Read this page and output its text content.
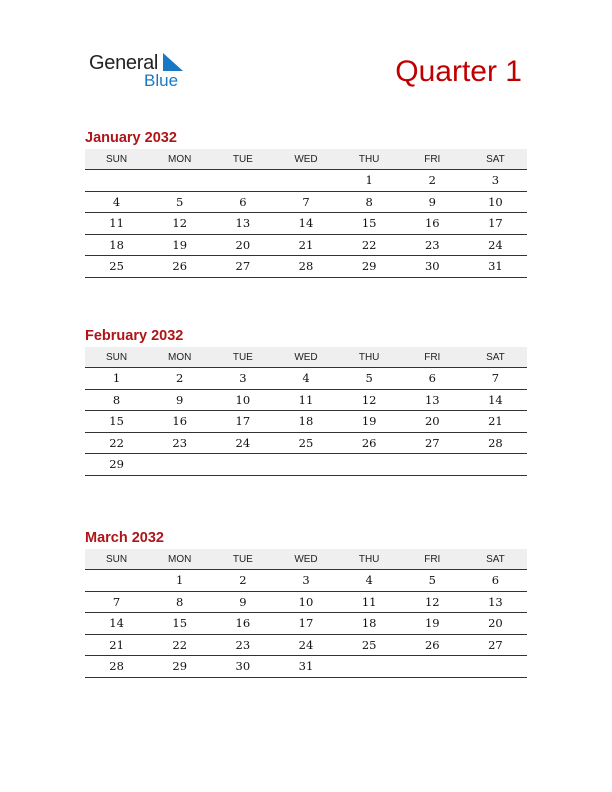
General
Blue	Quarter 1
January 2032
SUN	MON	TUE	WED	THU	FRI	SAT
				1	2	3
4	5	6	7	8	9	10
11	12	13	14	15	16	17
18	19	20	21	22	23	24
25	26	27	28	29	30	31
February 2032
SUN	MON	TUE	WED	THU	FRI	SAT
1	2	3	4	5	6	7
8	9	10	11	12	13	14
15	16	17	18	19	20	21
22	23	24	25	26	27	28
29						
March 2032
SUN	MON	TUE	WED	THU	FRI	SAT
	1	2	3	4	5	6
7	8	9	10	11	12	13
14	15	16	17	18	19	20
21	22	23	24	25	26	27
28	29	30	31			
